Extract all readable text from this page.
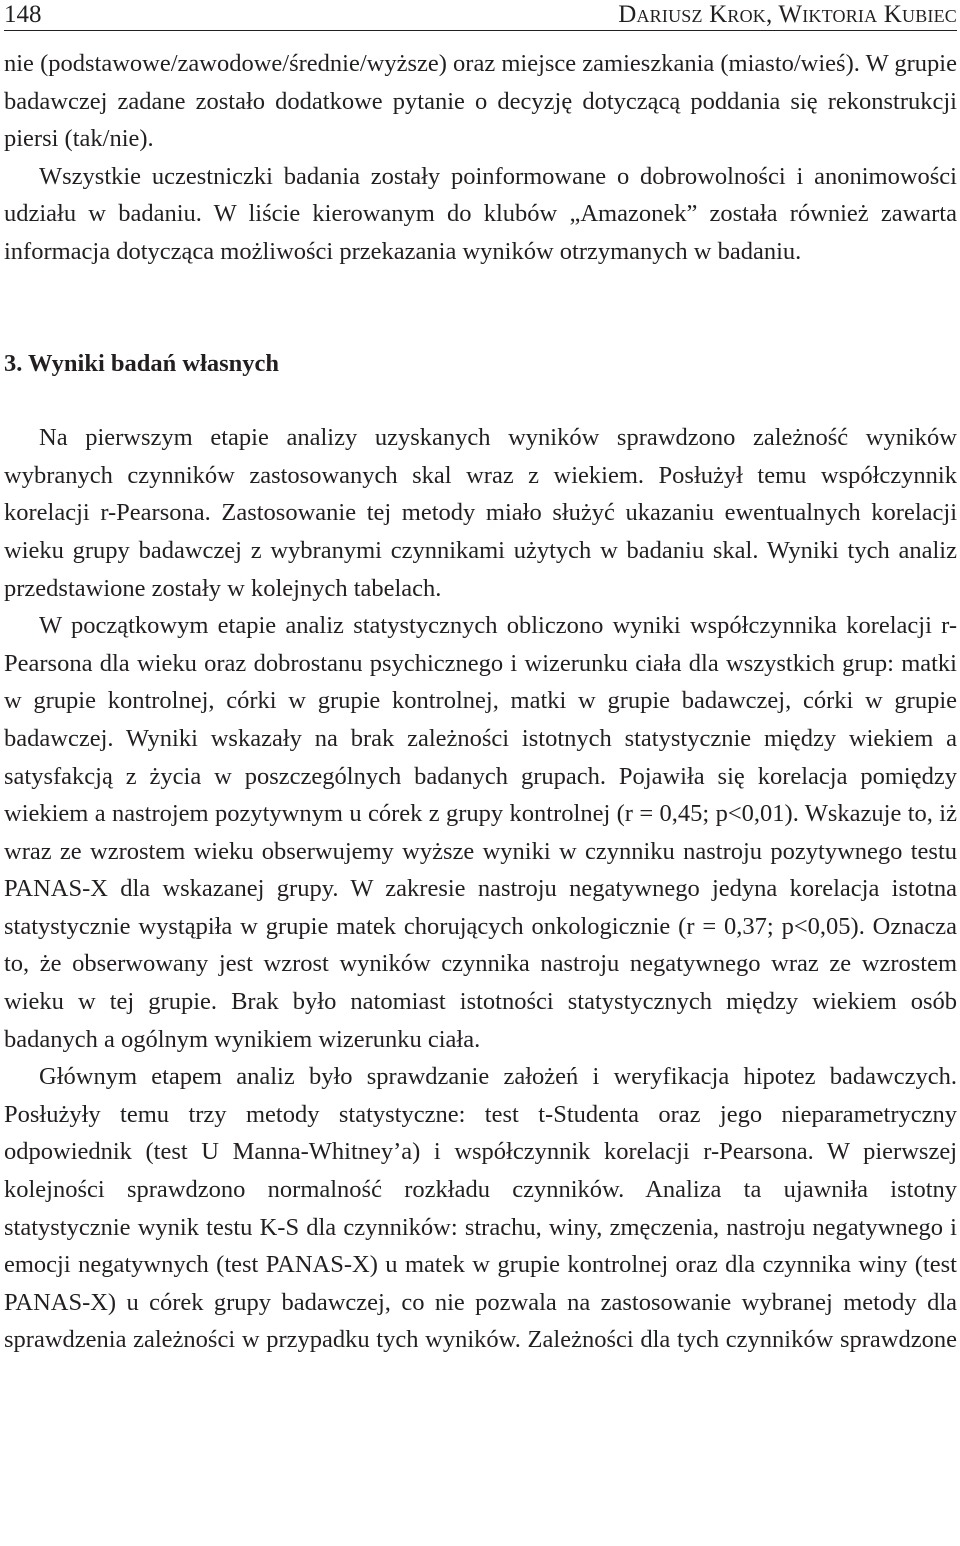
148	Dariusz Krok, Wiktoria Kubiec

nie (podstawowe/zawodowe/średnie/wyższe) oraz miejsce zamieszkania (miasto/wieś). W grupie badawczej zadane zostało dodatkowe pytanie o decyzję dotyczącą poddania się rekonstrukcji piersi (tak/nie).

Wszystkie uczestniczki badania zostały poinformowane o dobrowolności i anonimowości udziału w badaniu. W liście kierowanym do klubów „Amazonek” została również zawarta informacja dotycząca możliwości przekazania wyników otrzymanych w badaniu.

3. Wyniki badań własnych

Na pierwszym etapie analizy uzyskanych wyników sprawdzono zależność wyników wybranych czynników zastosowanych skal wraz z wiekiem. Posłużył temu współczynnik korelacji r-Pearsona. Zastosowanie tej metody miało służyć ukazaniu ewentualnych korelacji wieku grupy badawczej z wybranymi czynnikami użytych w badaniu skal. Wyniki tych analiz przedstawione zostały w kolejnych tabelach.

W początkowym etapie analiz statystycznych obliczono wyniki współczynnika korelacji r-Pearsona dla wieku oraz dobrostanu psychicznego i wizerunku ciała dla wszystkich grup: matki w grupie kontrolnej, córki w grupie kontrolnej, matki w grupie badawczej, córki w grupie badawczej. Wyniki wskazały na brak zależności istotnych statystycznie między wiekiem a satysfakcją z życia w poszczególnych badanych grupach. Pojawiła się korelacja pomiędzy wiekiem a nastrojem pozytywnym u córek z grupy kontrolnej (r = 0,45; p<0,01). Wskazuje to, iż wraz ze wzrostem wieku obserwujemy wyższe wyniki w czynniku nastroju pozytywnego testu PANAS-X dla wskazanej grupy. W zakresie nastroju negatywnego jedyna korelacja istotna statystycznie wystąpiła w grupie matek chorujących onkologicznie (r = 0,37; p<0,05). Oznacza to, że obserwowany jest wzrost wyników czynnika nastroju negatywnego wraz ze wzrostem wieku w tej grupie. Brak było natomiast istotności statystycznych między wiekiem osób badanych a ogólnym wynikiem wizerunku ciała.

Głównym etapem analiz było sprawdzanie założeń i weryfikacja hipotez badawczych. Posłużyły temu trzy metody statystyczne: test t-Studenta oraz jego nieparametryczny odpowiednik (test U Manna-Whitney’a) i współczynnik korelacji r-Pearsona. W pierwszej kolejności sprawdzono normalność rozkładu czynników. Analiza ta ujawniła istotny statystycznie wynik testu K-S dla czynników: strachu, winy, zmęczenia, nastroju negatywnego i emocji negatywnych (test PANAS-X) u matek w grupie kontrolnej oraz dla czynnika winy (test PANAS-X) u córek grupy badawczej, co nie pozwala na zastosowanie wybranej metody dla sprawdzenia zależności w przypadku tych wyników. Zależności dla tych czynników sprawdzone
